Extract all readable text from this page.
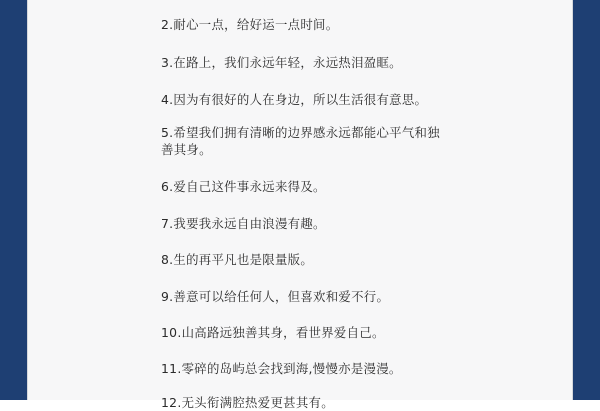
2.耐心一点，给好运一点时间。
3.在路上，我们永远年轻，永远热泪盈眶。
4.因为有很好的人在身边，所以生活很有意思。
5.希望我们拥有清晰的边界感永远都能心平气和独善其身。
6.爱自己这件事永远来得及。
7.我要我永远自由浪漫有趣。
8.生的再平凡也是限量版。
9.善意可以给任何人，但喜欢和爱不行。
10.山高路远独善其身，看世界爱自己。
11.零碎的岛屿总会找到海,慢慢亦是漫漫。
12.无头衔满腔热爱更甚其有。
